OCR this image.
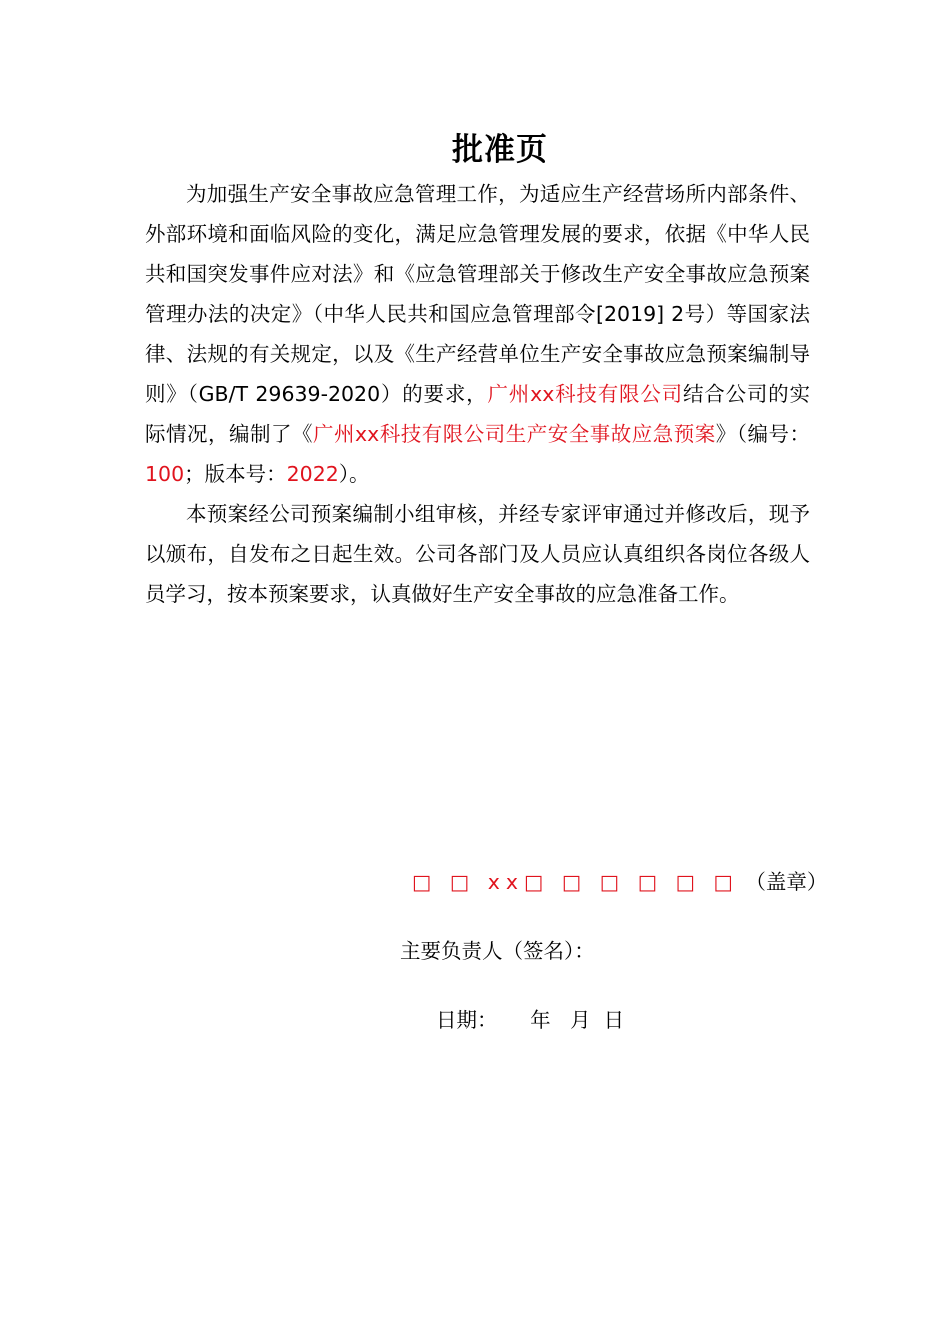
批准页

为加强生产安全事故应急管理工作，为适应生产经营场所内部条件、外部环境和面临风险的变化，满足应急管理发展的要求，依据《中华人民共和国突发事件应对法》和《应急管理部关于修改生产安全事故应急预案管理办法的决定》（中华人民共和国应急管理部令[2019] 2号）等国家法律、法规的有关规定，以及《生产经营单位生产安全事故应急预案编制导则》（GB/T 29639-2020）的要求，广州xx科技有限公司结合公司的实际情况，编制了《广州xx科技有限公司生产安全事故应急预案》（编号：100；版本号：2022）。

本预案经公司预案编制小组审核，并经专家评审通过并修改后，现予以颁布，自发布之日起生效。公司各部门及人员应认真组织各岗位各级人员学习，按本预案要求，认真做好生产安全事故的应急准备工作。

□ □ xx□ □ □ □ □ □ （盖章）
主要负责人（签名）：
日期：     年   月  日
